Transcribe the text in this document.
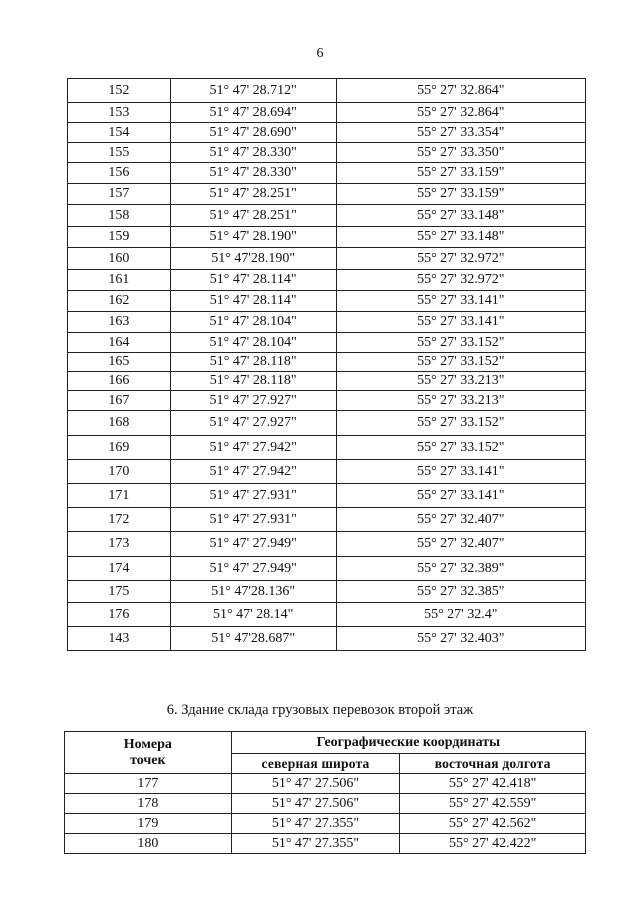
6
152	51° 47' 28.712"	55° 27' 32.864"
153	51° 47' 28.694"	55° 27' 32.864"
154	51° 47' 28.690"	55° 27' 33.354"
155	51° 47' 28.330"	55° 27' 33.350"
156	51° 47' 28.330"	55° 27' 33.159"
157	51° 47' 28.251"	55° 27' 33.159"
158	51° 47' 28.251"	55° 27' 33.148"
159	51° 47' 28.190"	55° 27' 33.148"
160	51° 47'28.190"	55° 27' 32.972"
161	51° 47' 28.114"	55° 27' 32.972"
162	51° 47' 28.114"	55° 27' 33.141"
163	51° 47' 28.104"	55° 27' 33.141"
164	51° 47' 28.104"	55° 27' 33.152"
165	51° 47' 28.118"	55° 27' 33.152"
166	51° 47' 28.118"	55° 27' 33.213"
167	51° 47' 27.927"	55° 27' 33.213"
168	51° 47' 27.927"	55° 27' 33.152"
169	51° 47' 27.942"	55° 27' 33.152"
170	51° 47' 27.942"	55° 27' 33.141"
171	51° 47' 27.931"	55° 27' 33.141"
172	51° 47' 27.931"	55° 27' 32.407"
173	51° 47' 27.949"	55° 27' 32.407"
174	51° 47' 27.949"	55° 27' 32.389"
175	51° 47'28.136"	55° 27' 32.385"
176	51° 47' 28.14"	55° 27' 32.4"
143	51° 47'28.687"	55° 27' 32.403"
6. Здание склада грузовых перевозок второй этаж
Номера
точек	Географические координаты	
	северная широта	восточная долгота
177	51° 47' 27.506"	55° 27' 42.418"
178	51° 47' 27.506"	55° 27' 42.559"
179	51° 47' 27.355"	55° 27' 42.562"
180	51° 47' 27.355"	55° 27' 42.422"
